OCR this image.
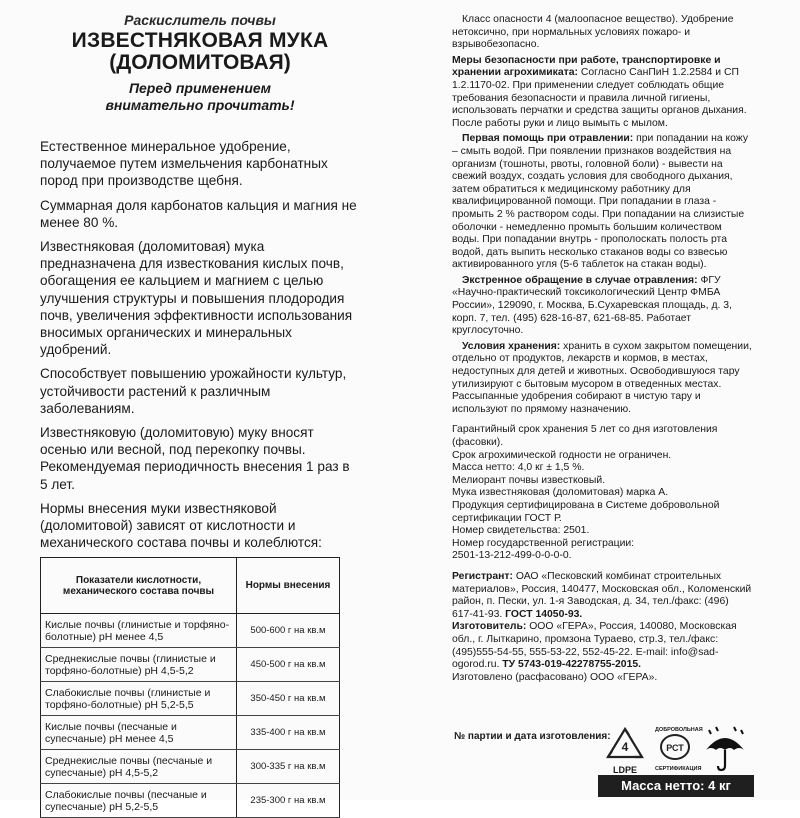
Раскислитель почвы
ИЗВЕСТНЯКОВАЯ МУКА
(ДОЛОМИТОВАЯ)
Перед применением
внимательно прочитать!

Естественное минеральное удобрение, получаемое путем измельчения карбонатных пород при производстве щебня.

Суммарная доля карбонатов кальция и магния не менее 80 %.

Известняковая (доломитовая) мука предназначена для известкования кислых почв, обогащения ее кальцием и магнием с целью улучшения структуры и повышения плодородия почв, увеличения эффективности использования вносимых органических и минеральных удобрений.

Способствует повышению урожайности культур, устойчивости растений к различным заболеваниям.

Известняковую (доломитовую) муку вносят осенью или весной, под перекопку почвы. Рекомендуемая периодичность внесения 1 раз в 5 лет.

Нормы внесения муки известняковой (доломитовой) зависят от кислотности и механического состава почвы и колеблются:

Показатели кислотности, механического состава почвы	Нормы внесения
Кислые почвы (глинистые и торфяно-болотные) pH менее 4,5	500-600 г на кв.м
Среднекислые почвы (глинистые и торфяно-болотные) pH 4,5-5,2	450-500 г на кв.м
Слабокислые почвы (глинистые и торфяно-болотные) pH 5,2-5,5	350-450 г на кв.м
Кислые почвы (песчаные и супесчаные) pH менее 4,5	335-400 г на кв.м
Среднекислые почвы (песчаные и супесчаные) pH 4,5-5,2	300-335 г на кв.м
Слабокислые почвы (песчаные и супесчаные) pH 5,2-5,5	235-300 г на кв.м

Класс опасности 4 (малоопасное вещество). Удобрение нетоксично, при нормальных условиях пожаро- и взрывобезопасно.

Меры безопасности при работе, транспортировке и хранении агрохимиката: Согласно СанПиН 1.2.2584 и СП 1.2.1170-02. При применении следует соблюдать общие требования безопасности и правила личной гигиены, использовать перчатки и средства защиты органов дыхания. После работы руки и лицо вымыть с мылом.

Первая помощь при отравлении: при попадании на кожу – смыть водой. При появлении признаков воздействия на организм (тошноты, рвоты, головной боли) - вывести на свежий воздух, создать условия для свободного дыхания, затем обратиться к медицинскому работнику для квалифицированной помощи. При попадании в глаза - промыть 2 % раствором соды. При попадании на слизистые оболочки - немедленно промыть большим количеством воды. При попадании внутрь - прополоскать полость рта водой, дать выпить несколько стаканов воды со взвесью активированного угля (5-6 таблеток на стакан воды).

Экстренное обращение в случае отравления: ФГУ «Научно-практический токсикологический Центр ФМБА России», 129090, г. Москва, Б.Сухаревская площадь, д. 3, корп. 7, тел. (495) 628-16-87, 621-68-85. Работает круглосуточно.

Условия хранения: хранить в сухом закрытом помещении, отдельно от продуктов, лекарств и кормов, в местах, недоступных для детей и животных. Освободившуюся тару утилизируют с бытовым мусором в отведенных местах. Рассыпанные удобрения собирают в чистую тару и используют по прямому назначению.

Гарантийный срок хранения 5 лет со дня изготовления (фасовки).

Срок агрохимической годности не ограничен.

Масса нетто: 4,0 кг ± 1,5 %.

Мелиорант почвы известковый.

Мука известняковая (доломитовая) марка А.

Продукция сертифицирована в Системе добровольной сертификации ГОСТ Р.

Номер свидетельства: 2501.

Номер государственной регистрации:

2501-13-212-499-0-0-0-0.

Регистрант: ОАО «Песковский комбинат строительных материалов», Россия, 140477, Московская обл., Коломенский район, п. Пески, ул. 1-я Заводская, д. 34, тел./факс: (496) 617-41-93. ГОСТ 14050-93.

Изготовитель: ООО «ГЕРА», Россия, 140080, Московская обл., г. Лыткарино, промзона Тураево, стр.3, тел./факс: (495)555-54-55, 555-53-22, 552-45-22. E-mail: info@sad-ogorod.ru. ТУ 5743-019-42278755-2015.

Изготовлено (расфасовано) ООО «ГЕРА».

№ партии и дата изготовления:
4
LDPE
ДОБРОВОЛЬНАЯ
РСТ
СЕРТИФИКАЦИЯ
Масса нетто: 4 кг
